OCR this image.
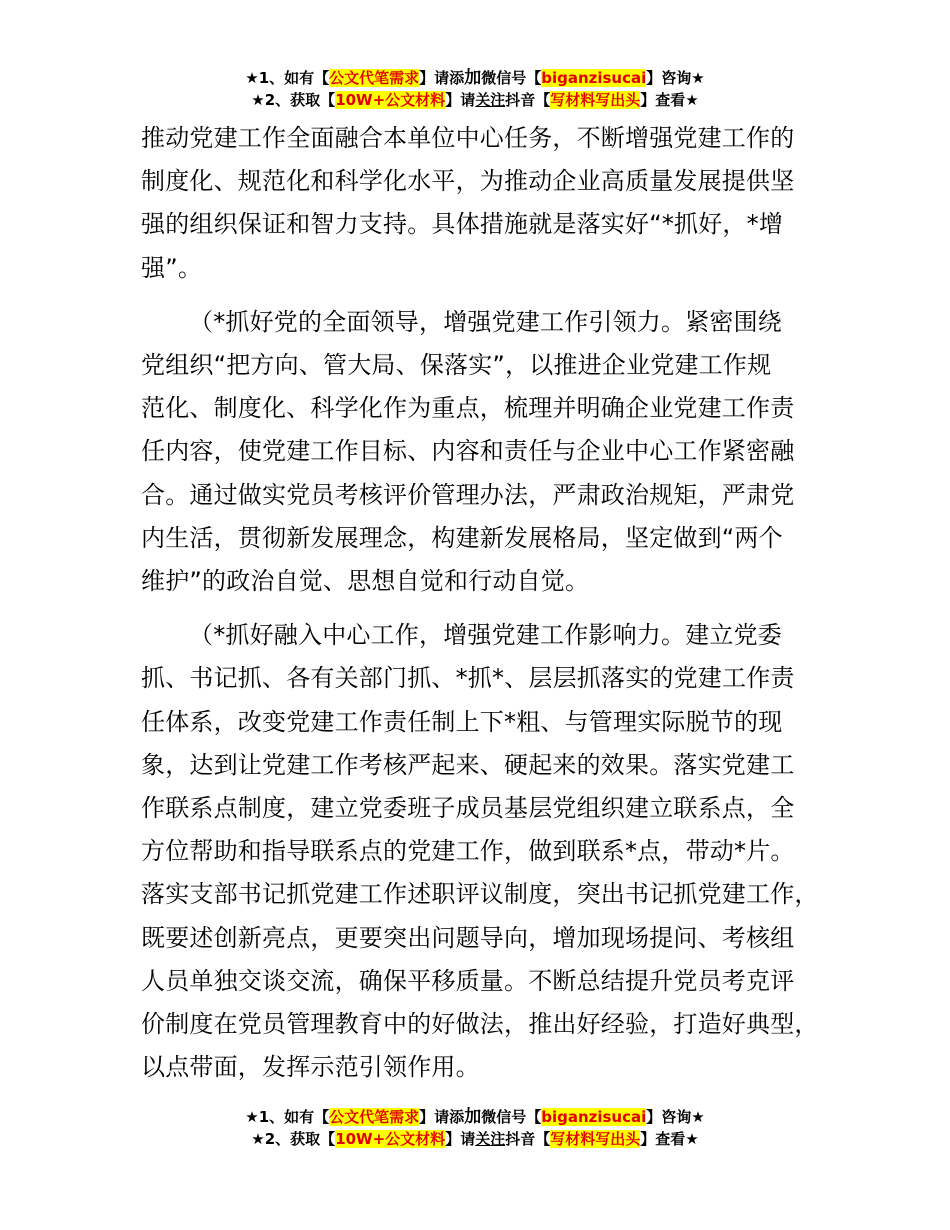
★1、如有【公文代笔需求】请添加微信号【biganzisucai】咨询★
★2、获取【10W+公文材料】请关注抖音【写材料写出头】查看★

推动党建工作全面融合本单位中心任务，不断增强党建工作的

制度化、规范化和科学化水平，为推动企业高质量发展提供坚

强的组织保证和智力支持。具体措施就是落实好“*抓好，*增

强”。

（*抓好党的全面领导，增强党建工作引领力。紧密围绕

党组织“把方向、管大局、保落实”，以推进企业党建工作规

范化、制度化、科学化作为重点，梳理并明确企业党建工作责

任内容，使党建工作目标、内容和责任与企业中心工作紧密融

合。通过做实党员考核评价管理办法，严肃政治规矩，严肃党

内生活，贯彻新发展理念，构建新发展格局，坚定做到“两个

维护”的政治自觉、思想自觉和行动自觉。

（*抓好融入中心工作，增强党建工作影响力。建立党委

抓、书记抓、各有关部门抓、*抓*、层层抓落实的党建工作责

任体系，改变党建工作责任制上下*粗、与管理实际脱节的现

象，达到让党建工作考核严起来、硬起来的效果。落实党建工

作联系点制度，建立党委班子成员基层党组织建立联系点，全

方位帮助和指导联系点的党建工作，做到联系*点，带动*片。

落实支部书记抓党建工作述职评议制度，突出书记抓党建工作，

既要述创新亮点，更要突出问题导向，增加现场提问、考核组

人员单独交谈交流，确保平移质量。不断总结提升党员考克评

价制度在党员管理教育中的好做法，推出好经验，打造好典型，

以点带面，发挥示范引领作用。

★1、如有【公文代笔需求】请添加微信号【biganzisucai】咨询★
★2、获取【10W+公文材料】请关注抖音【写材料写出头】查看★
